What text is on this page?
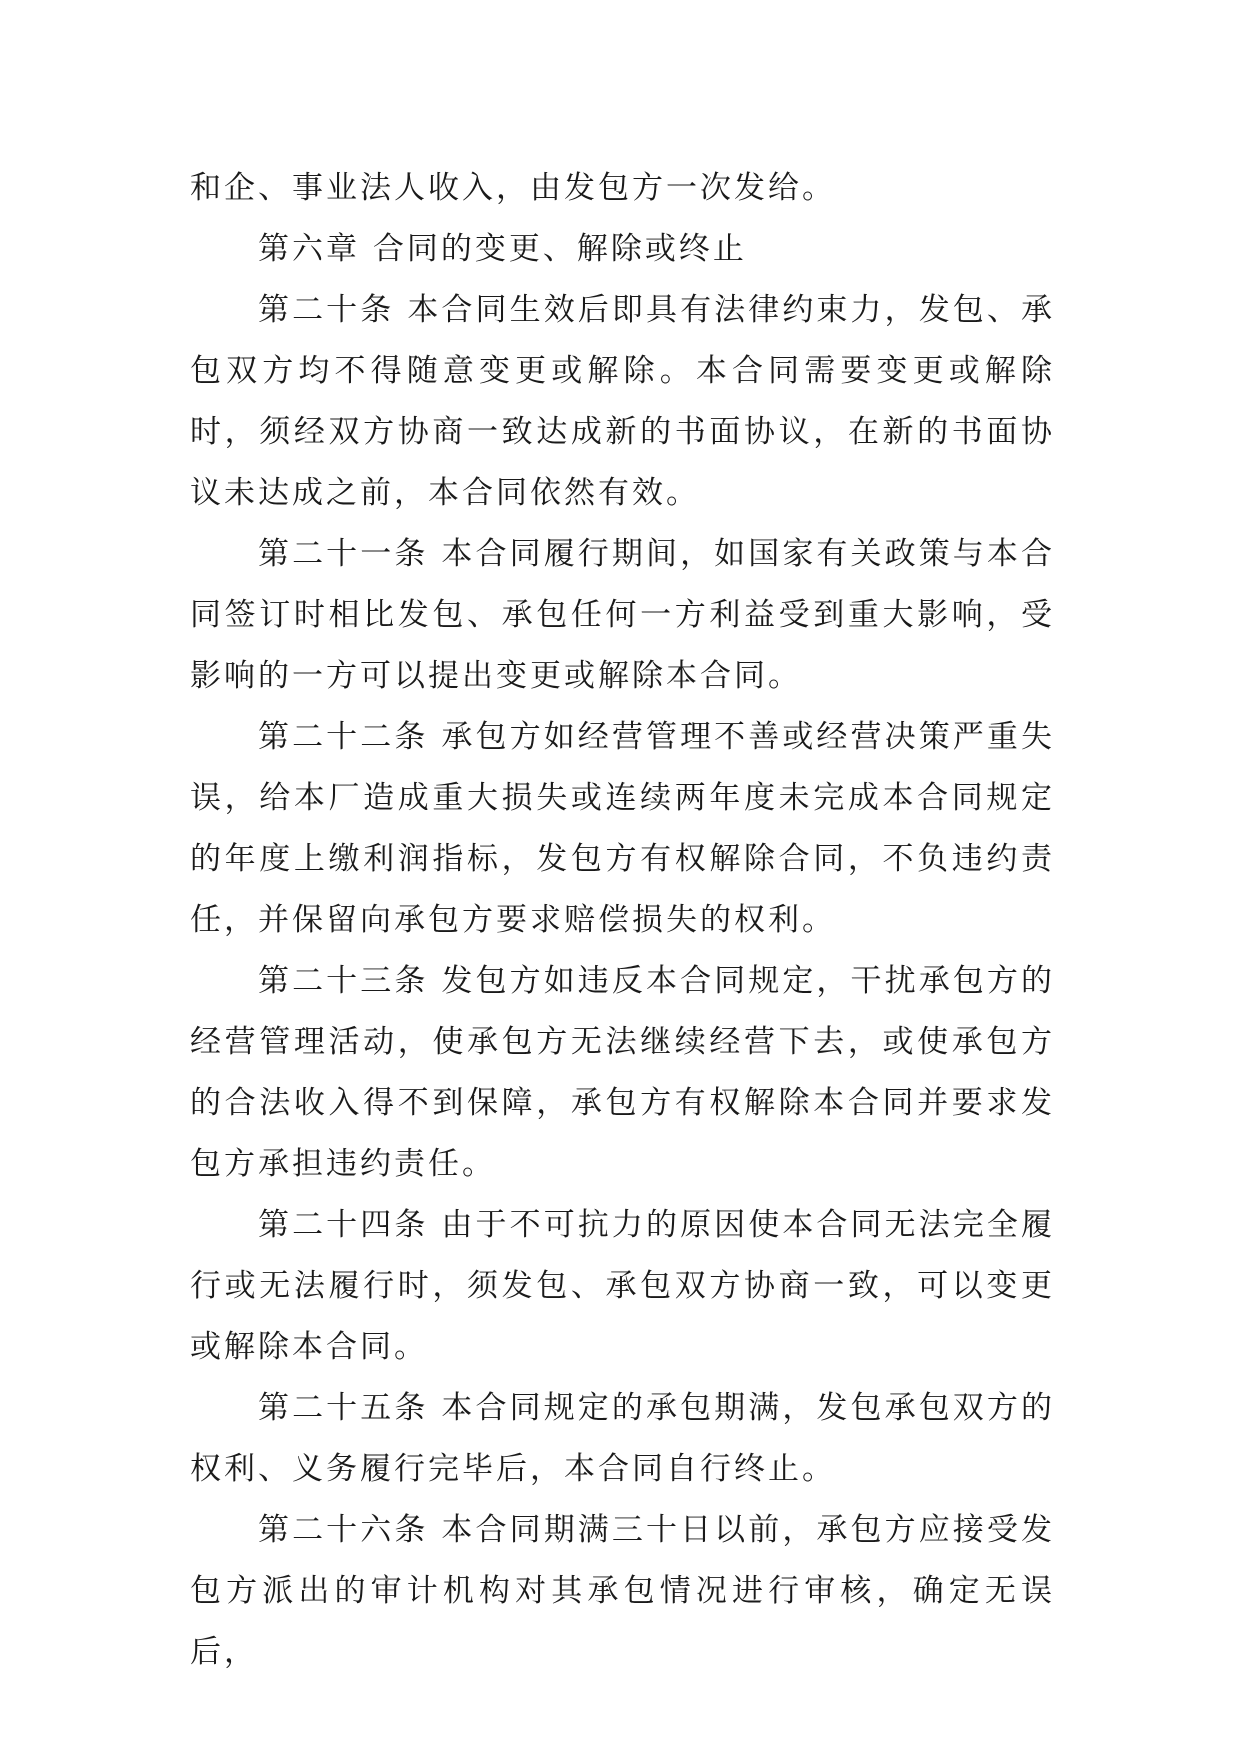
和企、事业法人收入，由发包方一次发给。

第六章 合同的变更、解除或终止

第二十条 本合同生效后即具有法律约束力，发包、承包双方均不得随意变更或解除。本合同需要变更或解除时，须经双方协商一致达成新的书面协议，在新的书面协议未达成之前，本合同依然有效。

第二十一条 本合同履行期间，如国家有关政策与本合同签订时相比发包、承包任何一方利益受到重大影响，受影响的一方可以提出变更或解除本合同。

第二十二条 承包方如经营管理不善或经营决策严重失误，给本厂造成重大损失或连续两年度未完成本合同规定的年度上缴利润指标，发包方有权解除合同，不负违约责任，并保留向承包方要求赔偿损失的权利。

第二十三条 发包方如违反本合同规定，干扰承包方的经营管理活动，使承包方无法继续经营下去，或使承包方的合法收入得不到保障，承包方有权解除本合同并要求发包方承担违约责任。

第二十四条 由于不可抗力的原因使本合同无法完全履行或无法履行时，须发包、承包双方协商一致，可以变更或解除本合同。

第二十五条 本合同规定的承包期满，发包承包双方的权利、义务履行完毕后，本合同自行终止。

第二十六条 本合同期满三十日以前，承包方应接受发包方派出的审计机构对其承包情况进行审核，确定无误后，
